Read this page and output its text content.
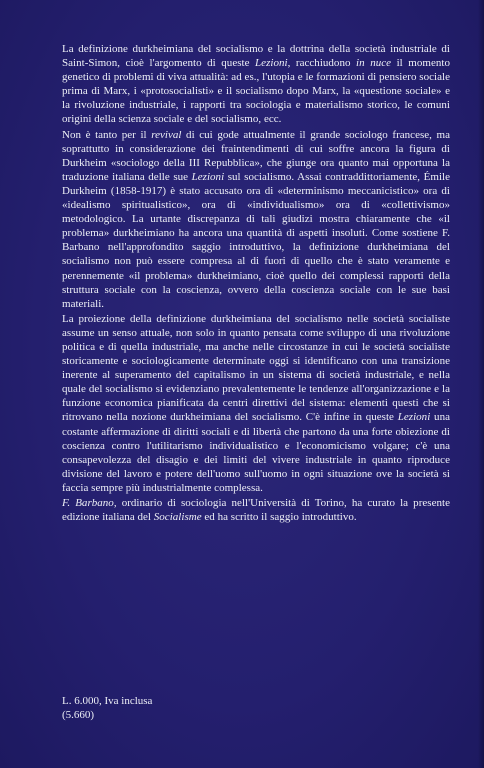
La definizione durkheimiana del socialismo e la dottrina della società industriale di Saint-Simon, cioè l'argomento di queste Lezioni, racchiudono in nuce il momento genetico di problemi di viva attualità: ad es., l'utopia e le formazioni di pensiero sociale prima di Marx, i «protosocialisti» e il socialismo dopo Marx, la «questione sociale» e la rivoluzione industriale, i rapporti tra sociologia e materialismo storico, le comuni origini della scienza sociale e del socialismo, ecc.

Non è tanto per il revival di cui gode attualmente il grande sociologo francese, ma soprattutto in considerazione dei fraintendimenti di cui soffre ancora la figura di Durkheim «sociologo della III Repubblica», che giunge ora quanto mai opportuna la traduzione italiana delle sue Lezioni sul socialismo. Assai contraddittoriamente, Émile Durkheim (1858-1917) è stato accusato ora di «determinismo meccanicistico» ora di «idealismo spiritualistico», ora di «individualismo» ora di «collettivismo» metodologico. La urtante discrepanza di tali giudizi mostra chiaramente che «il problema» durkheimiano ha ancora una quantità di aspetti insoluti. Come sostiene F. Barbano nell'approfondito saggio introduttivo, la definizione durkheimiana del socialismo non può essere compresa al di fuori di quello che è stato veramente e perennemente «il problema» durkheimiano, cioè quello dei complessi rapporti della struttura sociale con la coscienza, ovvero della coscienza sociale con le sue basi materiali.

La proiezione della definizione durkheimiana del socialismo nelle società socialiste assume un senso attuale, non solo in quanto pensata come sviluppo di una rivoluzione politica e di quella industriale, ma anche nelle circostanze in cui le società socialiste storicamente e sociologicamente determinate oggi si identificano con una transizione inerente al superamento del capitalismo in un sistema di società industriale, e nella quale del socialismo si evidenziano prevalentemente le tendenze all'organizzazione e la funzione economica pianificata da centri direttivi del sistema: elementi questi che si ritrovano nella nozione durkheimiana del socialismo. C'è infine in queste Lezioni una costante affermazione di diritti sociali e di libertà che partono da una forte obiezione di coscienza contro l'utilitarismo individualistico e l'economicismo volgare; c'è una consapevolezza del disagio e dei limiti del vivere industriale in quanto riproduce divisione del lavoro e potere dell'uomo sull'uomo in ogni situazione ove la società si faccia sempre più industrialmente complessa.

F. Barbano, ordinario di sociologia nell'Università di Torino, ha curato la presente edizione italiana del Socialisme ed ha scritto il saggio introduttivo.

L. 6.000, Iva inclusa
(5.660)
